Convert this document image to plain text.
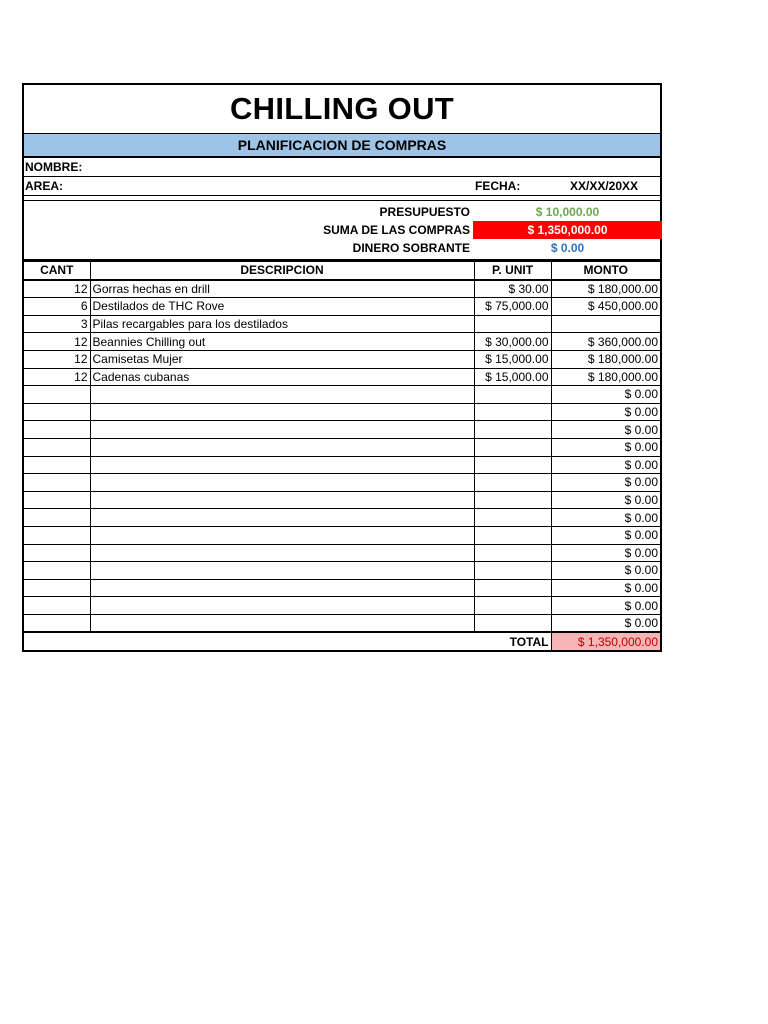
CHILLING OUT
PLANIFICACION DE COMPRAS
NOMBRE:
AREA:	FECHA:	XX/XX/20XX
PRESUPUESTO	$ 10,000.00
SUMA DE LAS COMPRAS	$ 1,350,000.00
DINERO SOBRANTE	$ 0.00
CANT	DESCRIPCION	P. UNIT	MONTO
12	Gorras hechas en drill	$ 30.00	$ 180,000.00
6	Destilados de THC Rove	$ 75,000.00	$ 450,000.00
3	Pilas recargables para los destilados		
12	Beannies Chilling out	$ 30,000.00	$ 360,000.00
12	Camisetas Mujer	$ 15,000.00	$ 180,000.00
12	Cadenas cubanas	$ 15,000.00	$ 180,000.00
			$ 0.00
			$ 0.00
			$ 0.00
			$ 0.00
			$ 0.00
			$ 0.00
			$ 0.00
			$ 0.00
			$ 0.00
			$ 0.00
			$ 0.00
			$ 0.00
			$ 0.00
			$ 0.00
		TOTAL	$ 1,350,000.00
